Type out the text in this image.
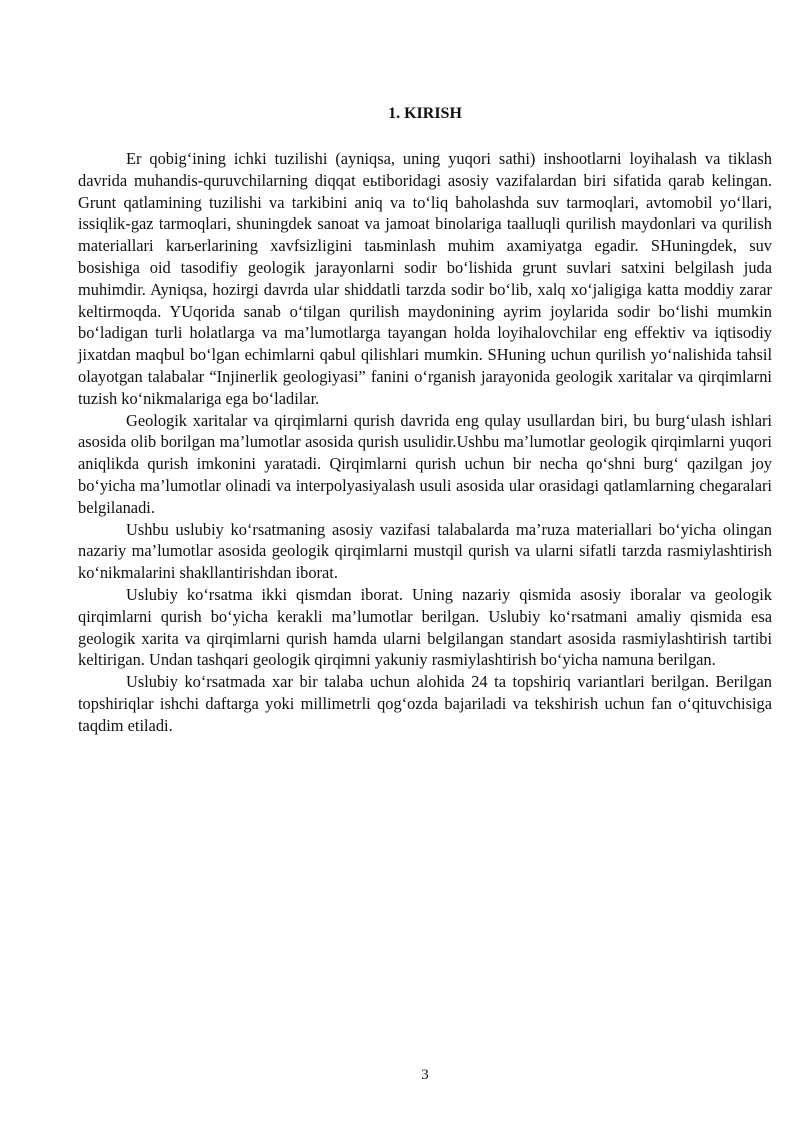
1. KIRISH

Er qobig‘ining ichki tuzilishi (ayniqsa, uning yuqori sathi) inshootlarni loyihalash va tiklash davrida muhandis-quruvchilarning diqqat eьtiboridagi asosiy vazifalardan biri sifatida qarab kelingan. Grunt qatlamining tuzilishi va tarkibini aniq va to‘liq baholashda suv tarmoqlari, avtomobil yo‘llari, issiqlik-gaz tarmoqlari, shuningdek sanoat va jamoat binolariga taalluqli qurilish maydonlari va qurilish materiallari karьerlarining xavfsizligini taьminlash muhim axamiyatga egadir. SHuningdek, suv bosishiga oid tasodifiy geologik jarayonlarni sodir bo‘lishida grunt suvlari satxini belgilash juda muhimdir. Ayniqsa, hozirgi davrda ular shiddatli tarzda sodir bo‘lib, xalq xo‘jaligiga katta moddiy zarar keltirmoqda. YUqorida sanab o‘tilgan qurilish maydonining ayrim joylarida sodir bo‘lishi mumkin bo‘ladigan turli holatlarga va ma’lumotlarga tayangan holda loyihalovchilar eng effektiv va iqtisodiy jixatdan maqbul bo‘lgan echimlarni qabul qilishlari mumkin. SHuning uchun qurilish yo‘nalishida tahsil olayotgan talabalar “Injinerlik geologiyasi” fanini o‘rganish jarayonida geologik xaritalar va qirqimlarni tuzish ko‘nikmalariga ega bo‘ladilar.

Geologik xaritalar va qirqimlarni qurish davrida eng qulay usullardan biri, bu burg‘ulash ishlari asosida olib borilgan ma’lumotlar asosida qurish usulidir.Ushbu ma’lumotlar geologik qirqimlarni yuqori aniqlikda qurish imkonini yaratadi. Qirqimlarni qurish uchun bir necha qo‘shni burg‘ qazilgan joy bo‘yicha ma’lumotlar olinadi va interpolyasiyalash usuli asosida ular orasidagi qatlamlarning chegaralari belgilanadi.

Ushbu uslubiy ko‘rsatmaning asosiy vazifasi talabalarda ma’ruza materiallari bo‘yicha olingan nazariy ma’lumotlar asosida geologik qirqimlarni mustqil qurish va ularni sifatli tarzda rasmiylashtirish ko‘nikmalarini shakllantirishdan iborat.

Uslubiy ko‘rsatma ikki qismdan iborat. Uning nazariy qismida asosiy iboralar va geologik qirqimlarni qurish bo‘yicha kerakli ma’lumotlar berilgan. Uslubiy ko‘rsatmani amaliy qismida esa geologik xarita va qirqimlarni qurish hamda ularni belgilangan standart asosida rasmiylashtirish tartibi keltirigan. Undan tashqari geologik qirqimni yakuniy rasmiylashtirish bo‘yicha namuna berilgan.

Uslubiy ko‘rsatmada xar bir talaba uchun alohida 24 ta topshiriq variantlari berilgan. Berilgan topshiriqlar ishchi daftarga yoki millimetrli qog‘ozda bajariladi va tekshirish uchun fan o‘qituvchisiga taqdim etiladi.

3
